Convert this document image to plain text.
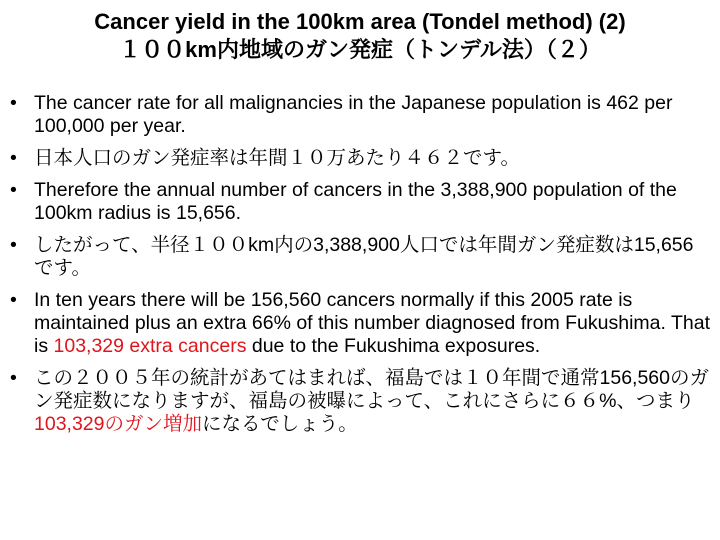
Cancer yield in the 100km area (Tondel method) (2)
１００km内地域のガン発症（トンデル法）（２）
• The cancer rate for all malignancies in the Japanese population is 462 per 100,000 per year.
• 日本人口のガン発症率は年間１０万あたり４６２です。
• Therefore the annual number of cancers in the 3,388,900 population of the 100km radius is 15,656.
• したがって、半径１００km内の3,388,900人口では年間ガン発症数は15,656です。
• In ten years there will be 156,560 cancers normally if this 2005 rate is maintained plus an extra 66% of this number diagnosed from Fukushima. That is 103,329 extra cancers due to the Fukushima exposures.
• この２００５年の統計があてはまれば、福島では１０年間で通常156,560のガン発症数になりますが、福島の被曝によって、これにさらに６６%、つまり103,329のガン増加になるでしょう。
